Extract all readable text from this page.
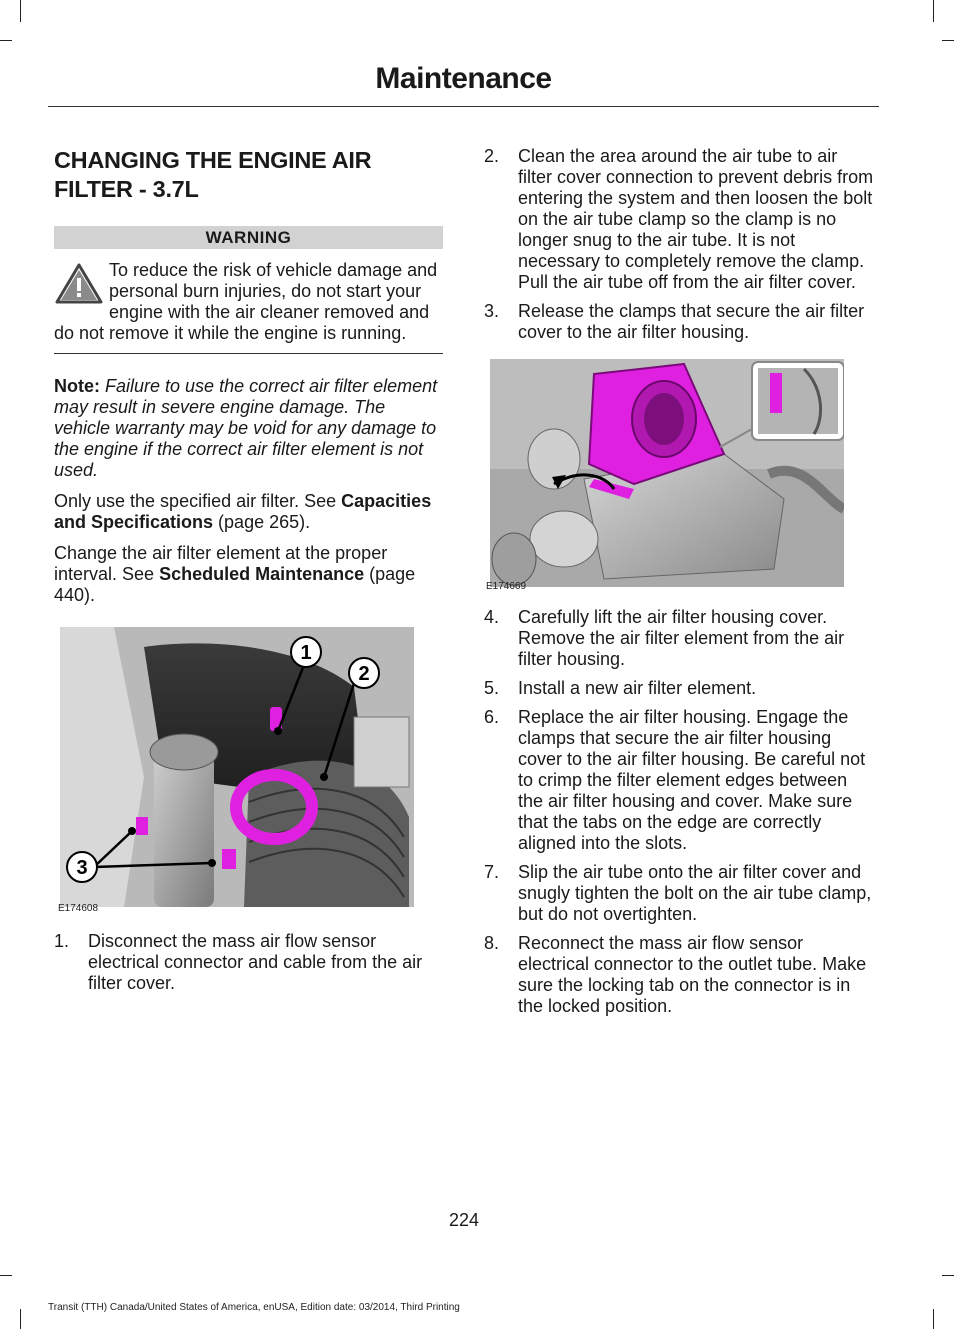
Maintenance
CHANGING THE ENGINE AIR FILTER - 3.7L
WARNING

To reduce the risk of vehicle damage and personal burn injuries, do not start your engine with the air cleaner removed and do not remove it while the engine is running.

Note: Failure to use the correct air filter element may result in severe engine damage. The vehicle warranty may be void for any damage to the engine if the correct air filter element is not used.

Only use the specified air filter. See Capacities and Specifications (page 265).

Change the air filter element at the proper interval. See Scheduled Maintenance (page 440).

1
2
3
E174608
1. Disconnect the mass air flow sensor electrical connector and cable from the air filter cover.
2. Clean the area around the air tube to air filter cover connection to prevent debris from entering the system and then loosen the bolt on the air tube clamp so the clamp is no longer snug to the air tube. It is not necessary to completely remove the clamp. Pull the air tube off from the air filter cover.
3. Release the clamps that secure the air filter cover to the air filter housing.
E174669
4. Carefully lift the air filter housing cover. Remove the air filter element from the air filter housing.
5. Install a new air filter element.
6. Replace the air filter housing. Engage the clamps that secure the air filter housing cover to the air filter housing. Be careful not to crimp the filter element edges between the air filter housing and cover. Make sure that the tabs on the edge are correctly aligned into the slots.
7. Slip the air tube onto the air filter cover and snugly tighten the bolt on the air tube clamp, but do not overtighten.
8. Reconnect the mass air flow sensor electrical connector to the outlet tube. Make sure the locking tab on the connector is in the locked position.
224
Transit (TTH) Canada/United States of America, enUSA, Edition date: 03/2014, Third Printing
